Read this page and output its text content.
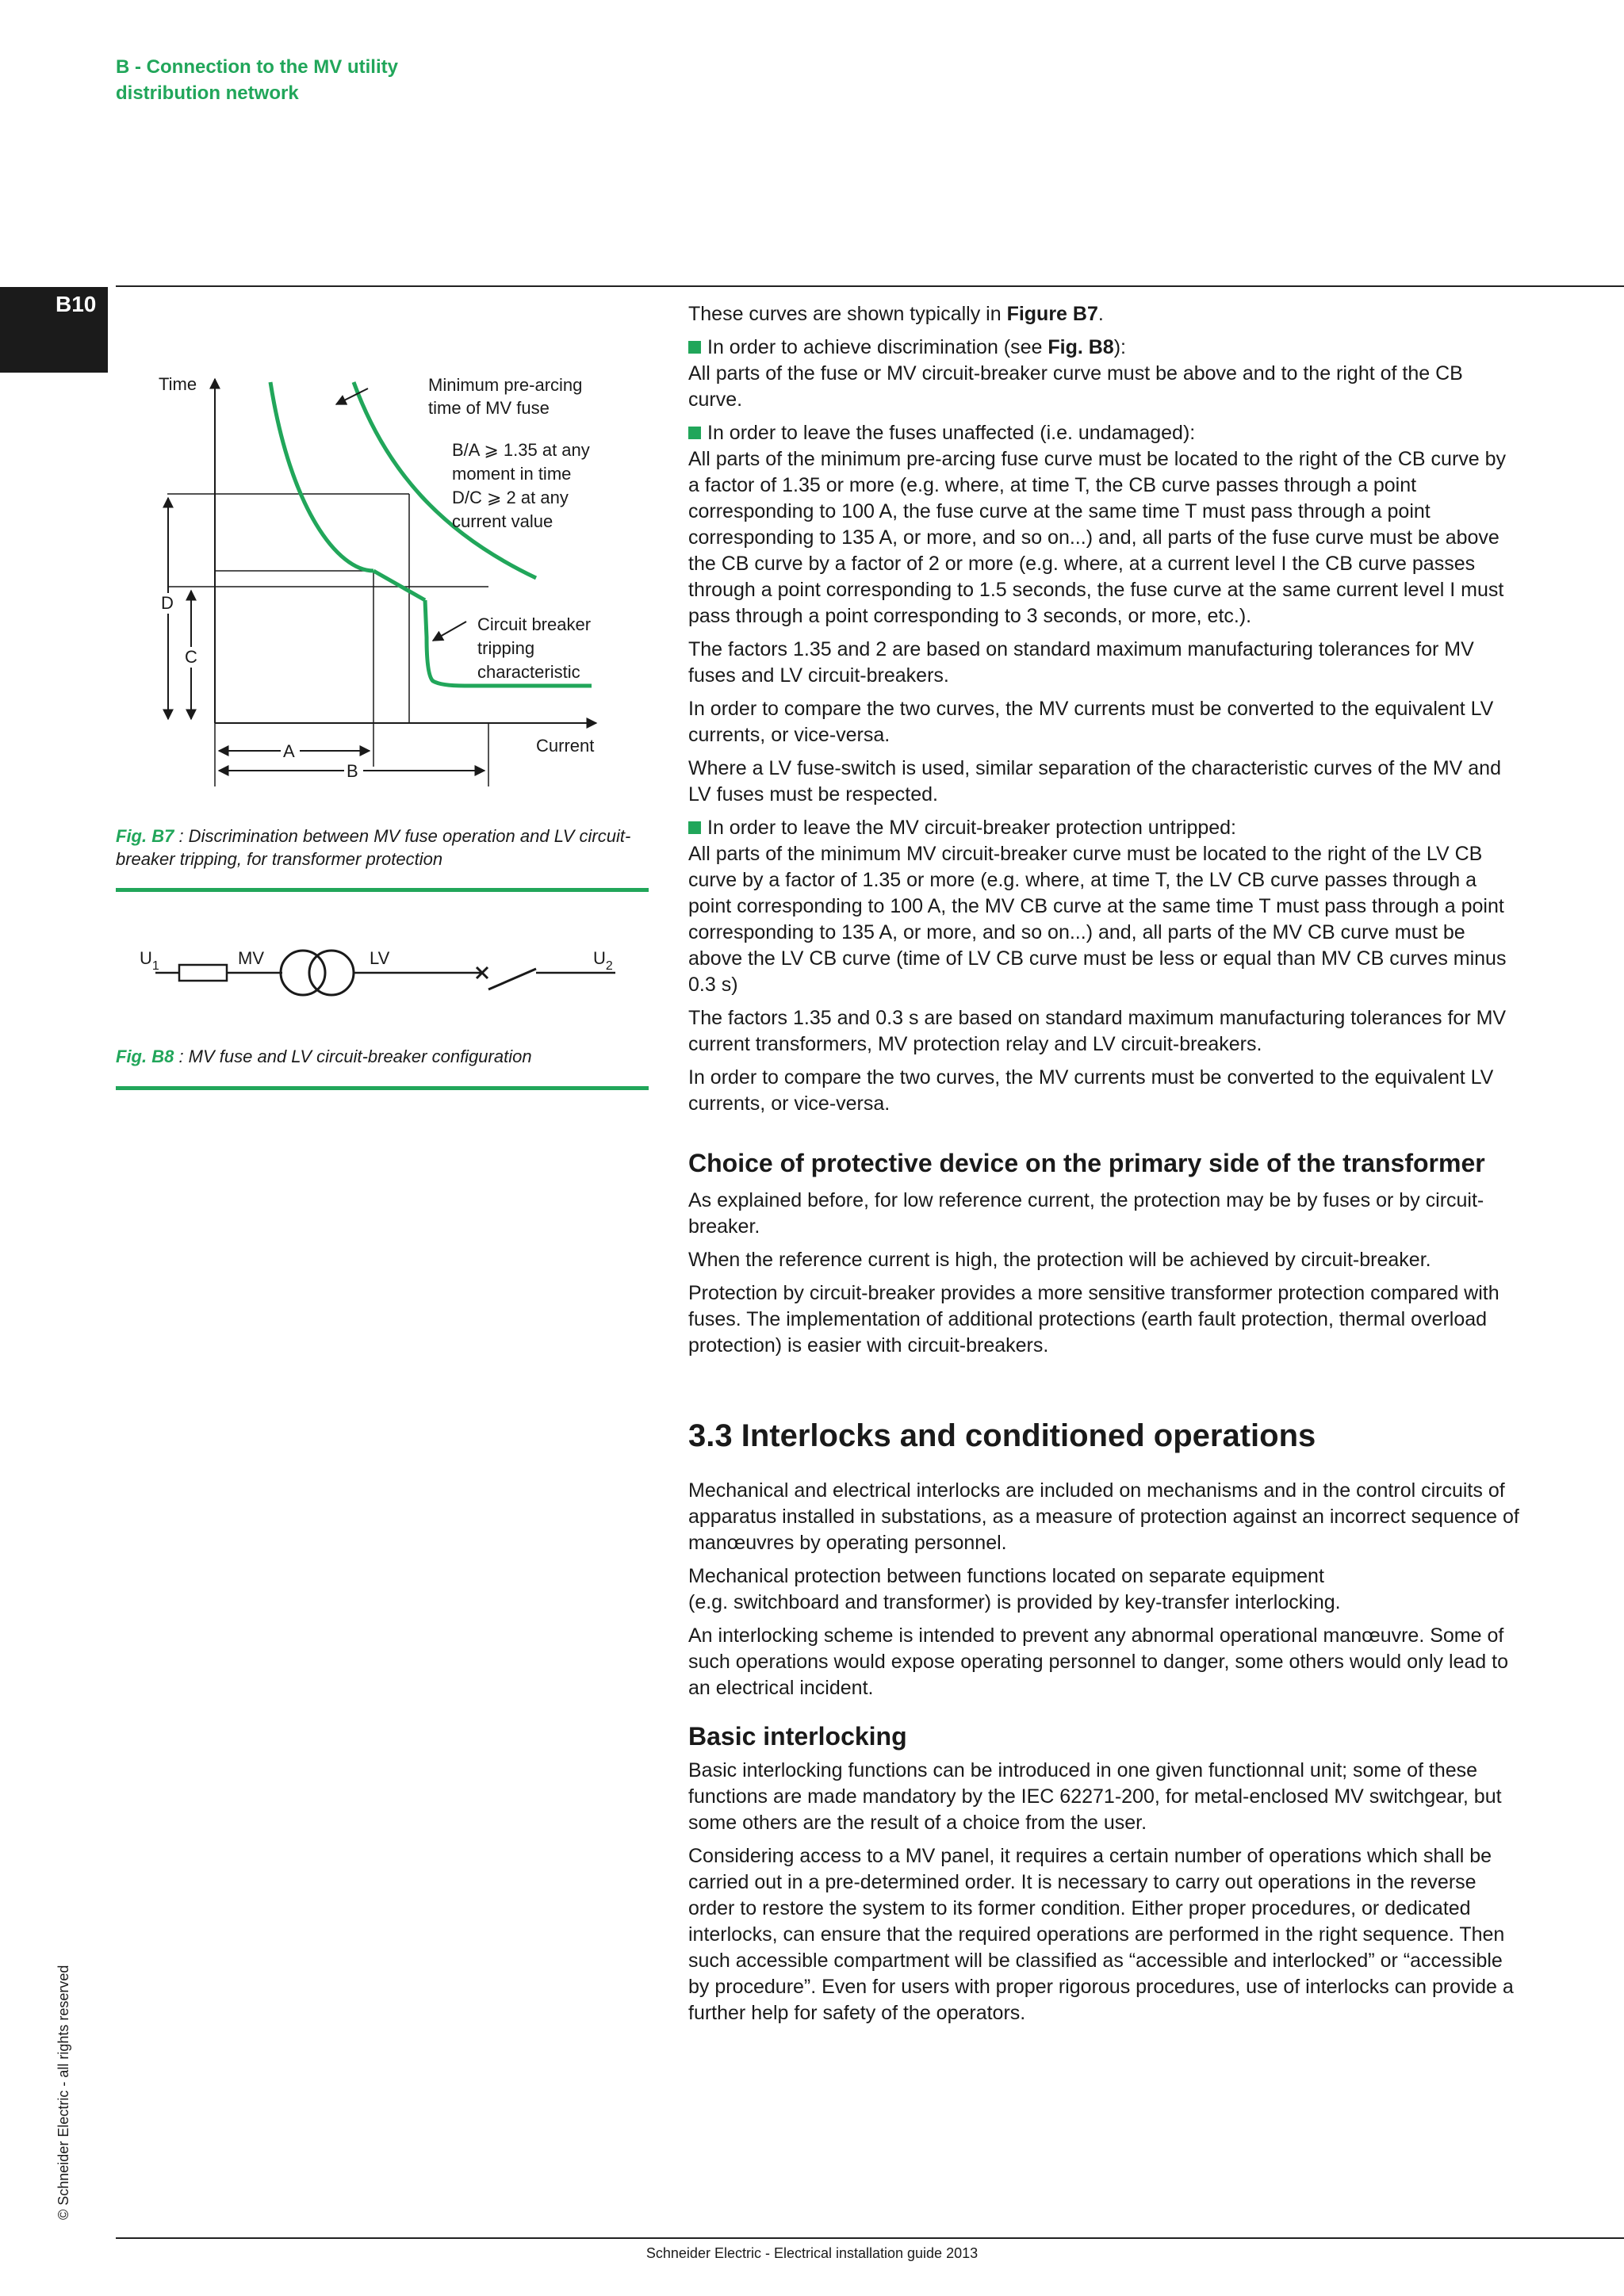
B - Connection to the MV utility
distribution network
B10
Time
Current
D
C
A
B
Minimum pre-arcing
time of MV fuse
B/A ⩾ 1.35 at any
moment in time
D/C ⩾ 2 at any
current value
Circuit breaker
tripping
characteristic
Fig. B7 : Discrimination between MV fuse operation and LV circuit-breaker tripping, for transformer protection
$U_1$	MV	LV	$U_2$
Fig. B8 : MV fuse and LV circuit-breaker configuration

These curves are shown typically in Figure B7.

In order to achieve discrimination (see Fig. B8):
All parts of the fuse or MV circuit-breaker curve must be above and to the right of the CB curve.

In order to leave the fuses unaffected (i.e. undamaged):
All parts of the minimum pre-arcing fuse curve must be located to the right of the CB curve by a factor of 1.35 or more (e.g. where, at time T, the CB curve passes through a point corresponding to 100 A, the fuse curve at the same time T must pass through a point corresponding to 135 A, or more, and so on...) and, all parts of the fuse curve must be above the CB curve by a factor of 2 or more (e.g. where, at a current level I the CB curve passes through a point corresponding to 1.5 seconds, the fuse curve at the same current level I must pass through a point corresponding to 3 seconds, or more, etc.).

The factors 1.35 and 2 are based on standard maximum manufacturing tolerances for MV fuses and LV circuit-breakers.

In order to compare the two curves, the MV currents must be converted to the equivalent LV currents, or vice-versa.

Where a LV fuse-switch is used, similar separation of the characteristic curves of the MV and LV fuses must be respected.

In order to leave the MV circuit-breaker protection untripped:
All parts of the minimum MV circuit-breaker curve must be located to the right of the LV CB curve by a factor of 1.35 or more (e.g. where, at time T, the LV CB curve passes through a point corresponding to 100 A, the MV CB curve at the same time T must pass through a point corresponding to 135 A, or more, and so on...) and, all parts of the MV CB curve must be above the LV CB curve (time of LV CB curve must be less or equal than MV CB curves minus 0.3 s)

The factors 1.35 and 0.3 s are based on standard maximum manufacturing tolerances for MV current transformers, MV protection relay and LV circuit-breakers.

In order to compare the two curves, the MV currents must be converted to the equivalent LV currents, or vice-versa.

Choice of protective device on the primary side of the transformer

As explained before, for low reference current, the protection may be by fuses or by circuit-breaker.

When the reference current is high, the protection will be achieved by circuit-breaker.

Protection by circuit-breaker provides a more sensitive transformer protection compared with fuses. The implementation of additional protections (earth fault protection, thermal overload protection) is easier with circuit-breakers.

3.3 Interlocks and conditioned operations

Mechanical and electrical interlocks are included on mechanisms and in the control circuits of apparatus installed in substations, as a measure of protection against an incorrect sequence of manœuvres by operating personnel.

Mechanical protection between functions located on separate equipment
(e.g. switchboard and transformer) is provided by key-transfer interlocking.

An interlocking scheme is intended to prevent any abnormal operational manœuvre. Some of such operations would expose operating personnel to danger, some others would only lead to an electrical incident.

Basic interlocking

Basic interlocking functions can be introduced in one given functionnal unit; some of these functions are made mandatory by the IEC 62271-200, for metal-enclosed MV switchgear, but some others are the result of a choice from the user.

Considering access to a MV panel, it requires a certain number of operations which shall be carried out in a pre-determined order. It is necessary to carry out operations in the reverse order to restore the system to its former condition. Either proper procedures, or dedicated interlocks, can ensure that the required operations are performed in the right sequence. Then such accessible compartment will be classified as “accessible and interlocked” or “accessible by procedure”. Even for users with proper rigorous procedures, use of interlocks can provide a further help for safety of the operators.

© Schneider Electric - all rights reserved
Schneider Electric - Electrical installation guide 2013
